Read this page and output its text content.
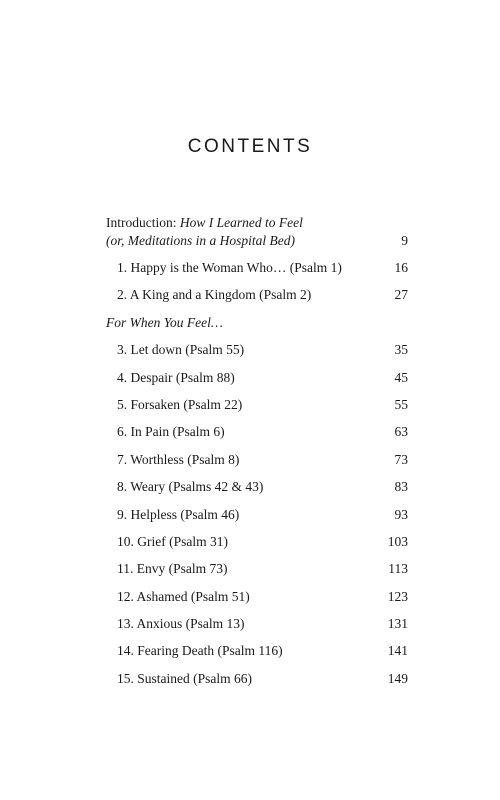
CONTENTS
Introduction: How I Learned to Feel
(or, Meditations in a Hospital Bed)	9
1. Happy is the Woman Who… (Psalm 1)	16
2. A King and a Kingdom (Psalm 2)	27
For When You Feel…
3. Let down (Psalm 55)	35
4. Despair (Psalm 88)	45
5. Forsaken (Psalm 22)	55
6. In Pain (Psalm 6)	63
7. Worthless (Psalm 8)	73
8. Weary (Psalms 42 & 43)	83
9. Helpless (Psalm 46)	93
10. Grief (Psalm 31)	103
11. Envy (Psalm 73)	113
12. Ashamed (Psalm 51)	123
13. Anxious (Psalm 13)	131
14. Fearing Death (Psalm 116)	141
15. Sustained (Psalm 66)	149
